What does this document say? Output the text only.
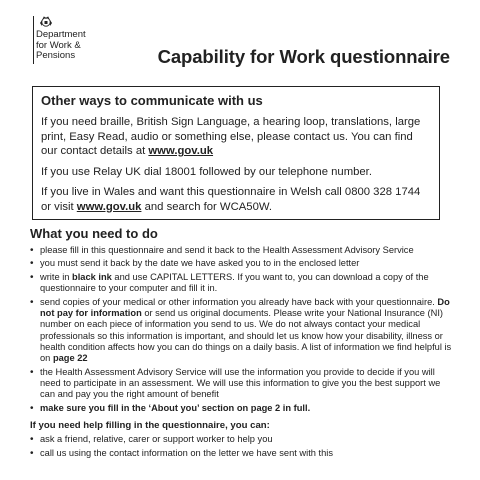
Department
for Work &
Pensions	Capability for Work questionnaire
Other ways to communicate with us

If you need braille, British Sign Language, a hearing loop, translations, large print, Easy Read, audio or something else, please contact us. You can find our contact details at www.gov.uk

If you use Relay UK dial 18001 followed by our telephone number.

If you live in Wales and want this questionnaire in Welsh call 0800 328 1744 or visit www.gov.uk and search for WCA50W.

What you need to do
• please fill in this questionnaire and send it back to the Health Assessment Advisory Service
• you must send it back by the date we have asked you to in the enclosed letter
• write in black ink and use CAPITAL LETTERS. If you want to, you can download a copy of the questionnaire to your computer and fill it in.
• send copies of your medical or other information you already have back with your questionnaire. Do not pay for information or send us original documents. Please write your National Insurance (NI) number on each piece of information you send to us. We do not always contact your medical professionals so this information is important, and should let us know how your disability, illness or health condition affects how you can do things on a daily basis. A list of information we find helpful is on page 22
• the Health Assessment Advisory Service will use the information you provide to decide if you will need to participate in an assessment. We will use this information to give you the best support we can and pay you the right amount of benefit
• make sure you fill in the ‘About you’ section on page 2 in full.
If you need help filling in the questionnaire, you can:
• ask a friend, relative, carer or support worker to help you
• call us using the contact information on the letter we have sent with this
